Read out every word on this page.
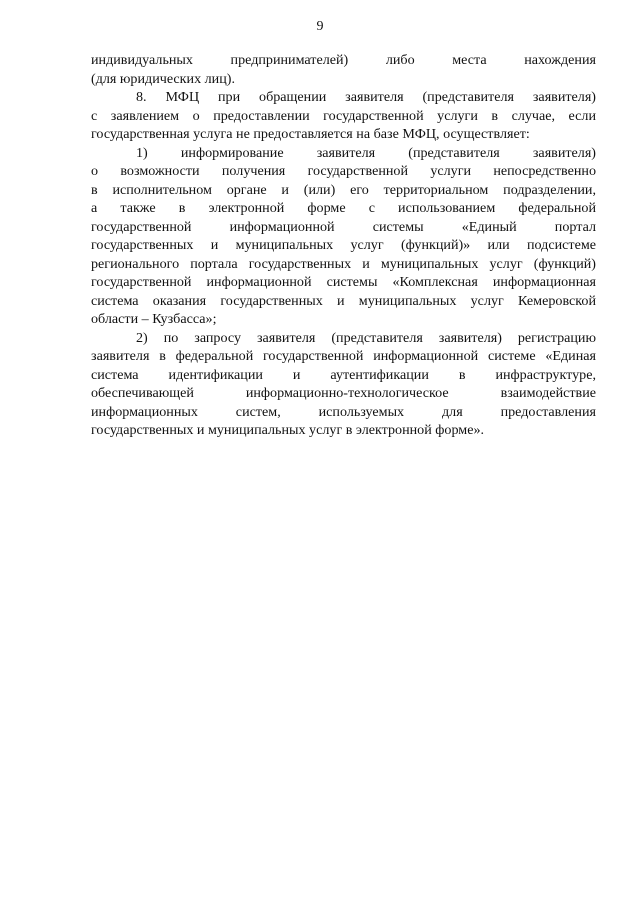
9
индивидуальных предпринимателей) либо места нахождения
(для юридических лиц).
8. МФЦ при обращении заявителя (представителя заявителя)
с заявлением о предоставлении государственной услуги в случае, если
государственная услуга не предоставляется на базе МФЦ, осуществляет:
1) информирование заявителя (представителя заявителя)
о возможности получения государственной услуги непосредственно
в исполнительном органе и (или) его территориальном подразделении,
а также в электронной форме с использованием федеральной
государственной информационной системы «Единый портал
государственных и муниципальных услуг (функций)» или подсистеме
регионального портала государственных и муниципальных услуг (функций)
государственной информационной системы «Комплексная информационная
система оказания государственных и муниципальных услуг Кемеровской
области – Кузбасса»;
2) по запросу заявителя (представителя заявителя) регистрацию
заявителя в федеральной государственной информационной системе «Единая
система идентификации и аутентификации в инфраструктуре,
обеспечивающей информационно-технологическое взаимодействие
информационных систем, используемых для предоставления
государственных и муниципальных услуг в электронной форме».
